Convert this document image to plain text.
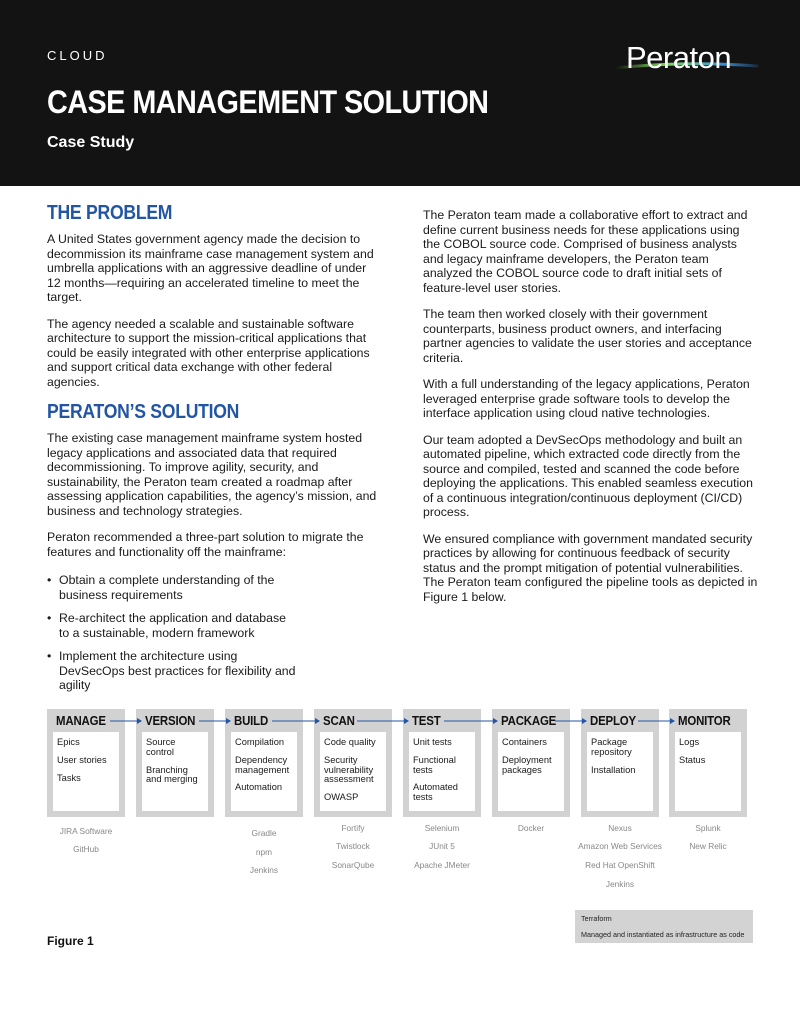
CLOUD	Peraton
CASE MANAGEMENT SOLUTION
Case Study
THE PROBLEM

A United States government agency made the decision to decommission its mainframe case management system and umbrella applications with an aggressive deadline of under 12 months—requiring an accelerated timeline to meet the target.

The agency needed a scalable and sustainable software architecture to support the mission-critical applications that could be easily integrated with other enterprise applications and support critical data exchange with other federal agencies.

PERATON’S SOLUTION

The existing case management mainframe system hosted legacy applications and associated data that required decommissioning. To improve agility, security, and sustainability, the Peraton team created a roadmap after assessing application capabilities, the agency’s mission, and business and technology strategies.

Peraton recommended a three-part solution to migrate the features and functionality off the mainframe:

• Obtain a complete understanding of the business requirements
• Re-architect the application and database to a sustainable, modern framework
• Implement the architecture using DevSecOps best practices for flexibility and agility

The Peraton team made a collaborative effort to extract and define current business needs for these applications using the COBOL source code. Comprised of business analysts and legacy mainframe developers, the Peraton team analyzed the COBOL source code to draft initial sets of feature-level user stories.

The team then worked closely with their government counterparts, business product owners, and interfacing partner agencies to validate the user stories and acceptance criteria.

With a full understanding of the legacy applications, Peraton leveraged enterprise grade software tools to develop the interface application using cloud native technologies.

Our team adopted a DevSecOps methodology and built an automated pipeline, which extracted code directly from the source and compiled, tested and scanned the code before deploying the applications. This enabled seamless execution of a continuous integration/continuous deployment (CI/CD) process.

We ensured compliance with government mandated security practices by allowing for continuous feedback of security status and the prompt mitigation of potential vulnerabilities. The Peraton team configured the pipeline tools as depicted in Figure 1 below.

MANAGE
Epics
User stories
Tasks
VERSION
Source control
Branching and merging
BUILD
Compilation
Dependency management
Automation
SCAN
Code quality
Security vulnerability assessment
OWASP
TEST
Unit tests
Functional tests
Automated tests
PACKAGE
Containers
Deployment packages
DEPLOY
Package repository
Installation
MONITOR
Logs
Status
JIRA Software
GitHub
Gradle
npm
Jenkins
Fortify
Twistlock
SonarQube
Selenium
JUnit 5
Apache JMeter
Docker	Nexus
Amazon Web Services
Red Hat OpenShift
Jenkins
Splunk
New Relic
Terraform
Managed and instantiated as infrastructure as code
Figure 1
